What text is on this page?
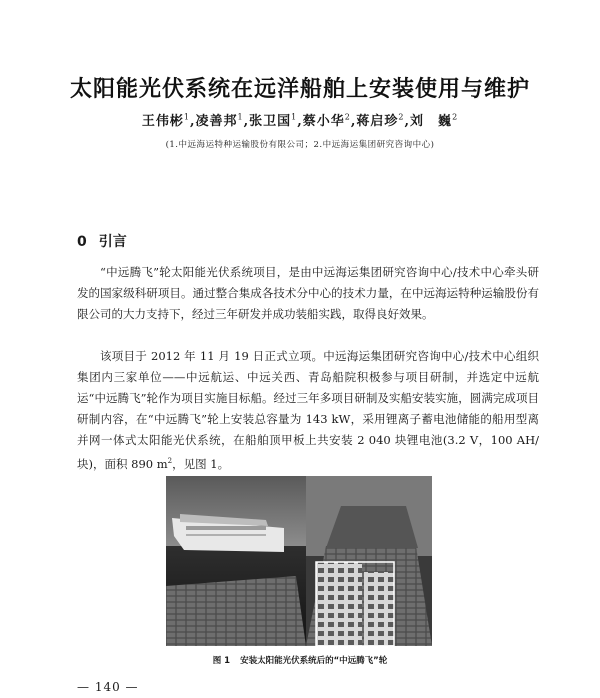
太阳能光伏系统在远洋船舶上安装使用与维护
王伟彬$^1$,凌善邦$^1$,张卫国$^1$,蔡小华$^2$,蒋启珍$^2$,刘　巍$^2$
(1.中远海运特种运输股份有限公司；2.中远海运集团研究咨询中心)
0 引言

“中远腾飞”轮太阳能光伏系统项目，是由中远海运集团研究咨询中心/技术中心牵头研发的国家级科研项目。通过整合集成各技术分中心的技术力量，在中远海运特种运输股份有限公司的大力支持下，经过三年研发并成功装船实践，取得良好效果。

该项目于 2012 年 11 月 19 日正式立项。中远海运集团研究咨询中心/技术中心组织集团内三家单位——中远航运、中远关西、青岛船院积极参与项目研制，并选定中远航运“中远腾飞”轮作为项目实施目标船。经过三年多项目研制及实船安装实施，圆满完成项目研制内容，在“中远腾飞”轮上安装总容量为 143 kW，采用锂离子蓄电池储能的船用型离并网一体式太阳能光伏系统，在船舶顶甲板上共安装 2 040 块锂电池(3.2 V，100 AH/块)，面积 890 $m^2$，见图 1。

图 1 安装太阳能光伏系统后的“中远腾飞”轮
— 140 —
